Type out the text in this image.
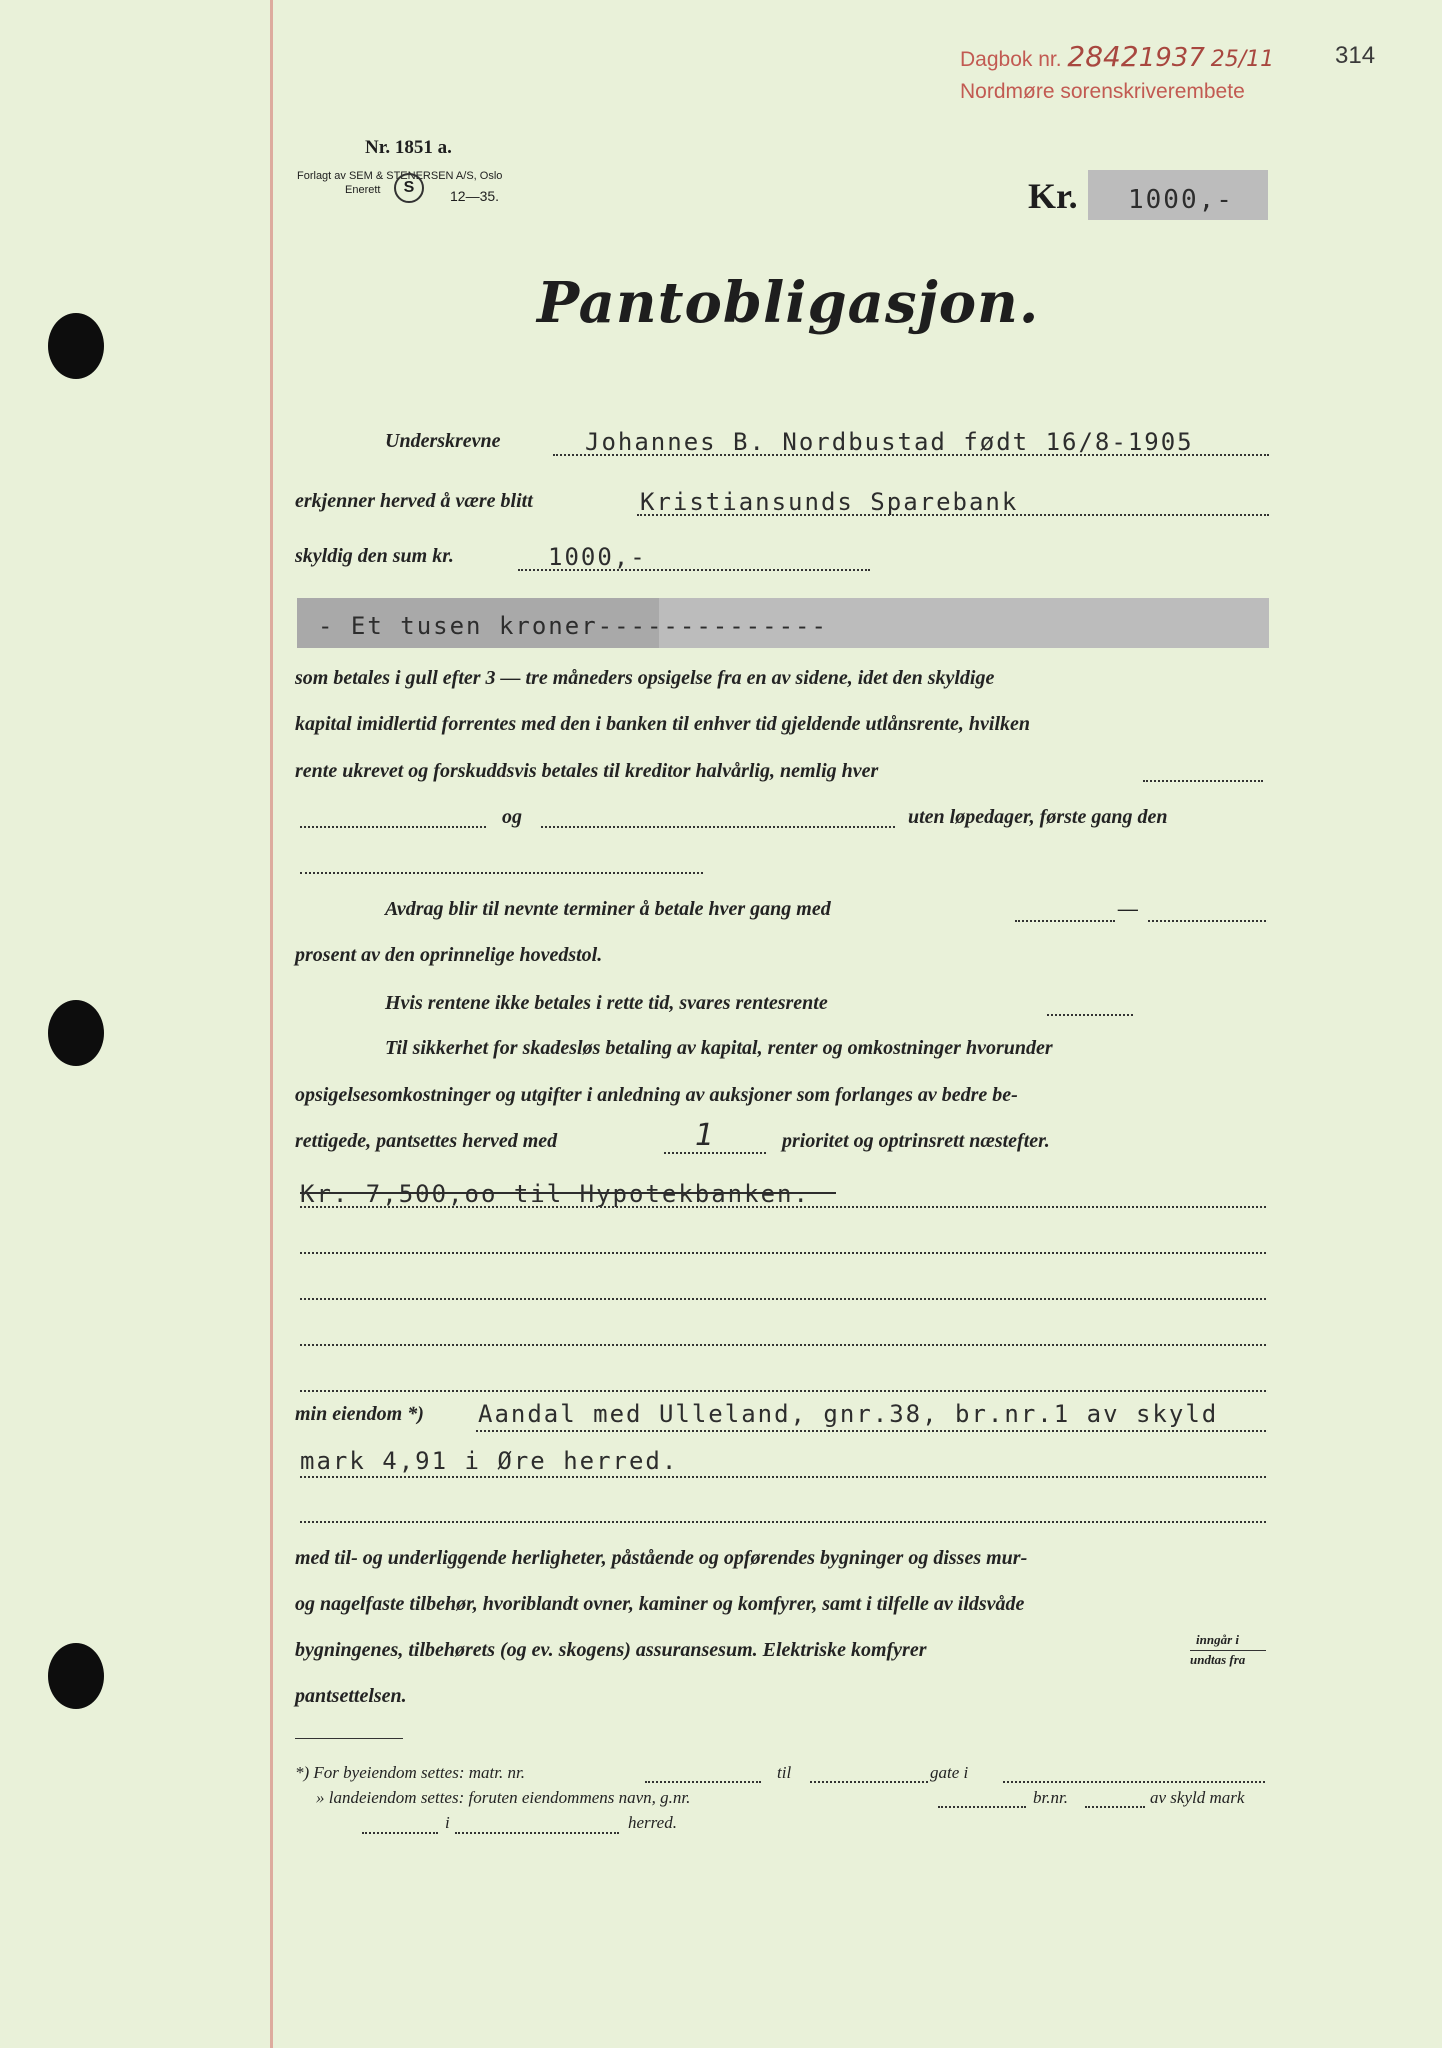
Dagbok nr. 28421937 25/11
Nordmøre sorenskriverembete
314
Nr. 1851 a.
Forlagt av SEM & STENERSEN A/S, Oslo
Enerett	S	12—35.	Kr. 1000,-
Pantobligasjon.
Underskrevne	Johannes B. Nordbustad født 16/8-1905
erkjenner herved å være blitt	Kristiansunds Sparebank
skyldig den sum kr.	1000,-
- Et tusen kroner--------------
som betales i gull efter 3 — tre måneders opsigelse fra en av sidene, idet den skyldige
kapital imidlertid forrentes med den i banken til enhver tid gjeldende utlånsrente, hvilken
rente ukrevet og forskuddsvis betales til kreditor halvårlig, nemlig hver
og	uten løpedager, første gang den
Avdrag blir til nevnte terminer å betale hver gang med	—
prosent av den oprinnelige hovedstol.
Hvis rentene ikke betales i rette tid, svares rentesrente
Til sikkerhet for skadesløs betaling av kapital, renter og omkostninger hvorunder
opsigelsesomkostninger og utgifter i anledning av auksjoner som forlanges av bedre be-
rettigede, pantsettes herved med	1	prioritet og optrinsrett næstefter.
Kr. 7,500,oo til Hypotekbanken.
min eiendom *) Aandal med Ulleland, gnr.38, br.nr.1 av skyld
mark 4,91 i Øre herred.
med til- og underliggende herligheter, påstående og opførendes bygninger og disses mur-
og nagelfaste tilbehør, hvoriblandt ovner, kaminer og komfyrer, samt i tilfelle av ildsvåde
bygningenes, tilbehørets (og ev. skogens) assuransesum. Elektriske komfyrer	inngår i
undtas fra
pantsettelsen.
*) For byeiendom settes: matr. nr.	til	gate i
» landeiendom settes: foruten eiendommens navn, g.nr.	br.nr.	av skyld mark
i	herred.
